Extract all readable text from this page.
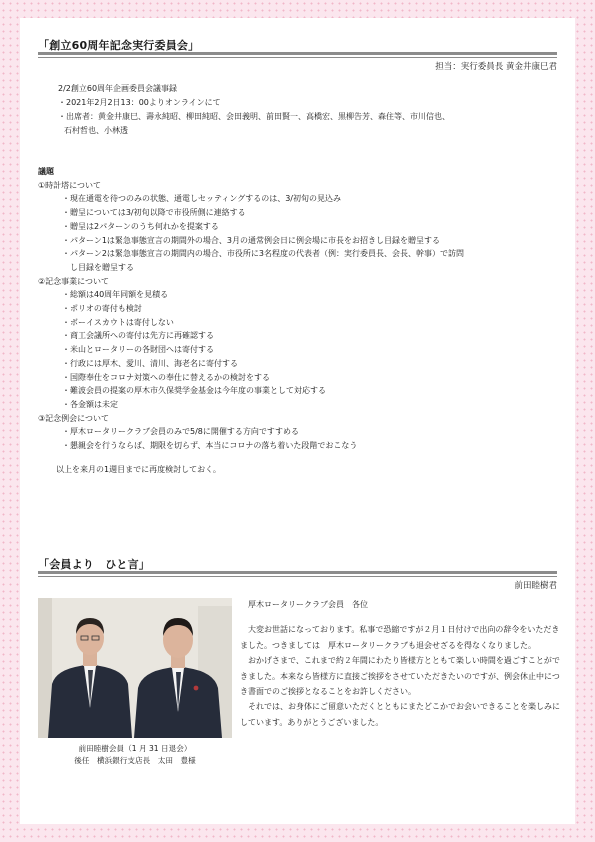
「創立60周年記念実行委員会」
担当：実行委員長 黄金井康巳君
2/2創立60周年企画委員会議事録
・2021年2月2日13：00よりオンラインにて
・出席者：黄金井康巳、壽永純昭、柳田純昭、会田義明、前田賢一、高橋宏、黒柳告芳、森住等、市川信也、
石村哲也、小林透
議題
①時計塔について
・現在通電を待つのみの状態、通電しセッティングするのは、3/初旬の見込み
・贈呈については3/初旬以降で市役所側に連絡する
・贈呈は2パターンのうち何れかを提案する
・パターン1は緊急事態宣言の期間外の場合、3月の通常例会日に例会場に市長をお招きし目録を贈呈する
・パターン2は緊急事態宣言の期間内の場合、市役所に3名程度の代表者（例：実行委員長、会長、幹事）で訪問
し目録を贈呈する
②記念事業について
・総額は40周年同額を見積る
・ポリオの寄付も検討
・ボーイスカウトは寄付しない
・商工会議所への寄付は先方に再確認する
・米山とロータリーの各財団へは寄付する
・行政には厚木、愛川、清川、海老名に寄付する
・国際奉仕をコロナ対策への奉仕に替えるかの検討をする
・難波会員の提案の厚木市久保奨学金基金は今年度の事業として対応する
・各金額は未定
③記念例会について
・厚木ロータリークラブ会員のみで5/8に開催する方向ですすめる
・懇親会を行うならば、期限を切らず、本当にコロナの落ち着いた段階でおこなう
以上を来月の1週目までに再度検討しておく。
「会員より　ひと言」
前田睦樹君
前田睦樹会員（1 月 31 日退会）
後任　横浜銀行支店長　太田　豊様

厚木ロータリークラブ会員　各位

大変お世話になっております。私事で恐縮ですが２月１日付けで出向の辞令をいただきました。つきましては　厚木ロータリークラブも退会せざるを得なくなりました。

おかげさまで、これまで約２年間にわたり皆様方とともて楽しい時間を過ごすことができました。本来なら皆様方に直接ご挨拶をさせていただきたいのですが、例会休止中につき書面でのご挨拶となることをお許しください。

それでは、お身体にご留意いただくとともにまたどこかでお会いできることを楽しみにしています。ありがとうございました。
